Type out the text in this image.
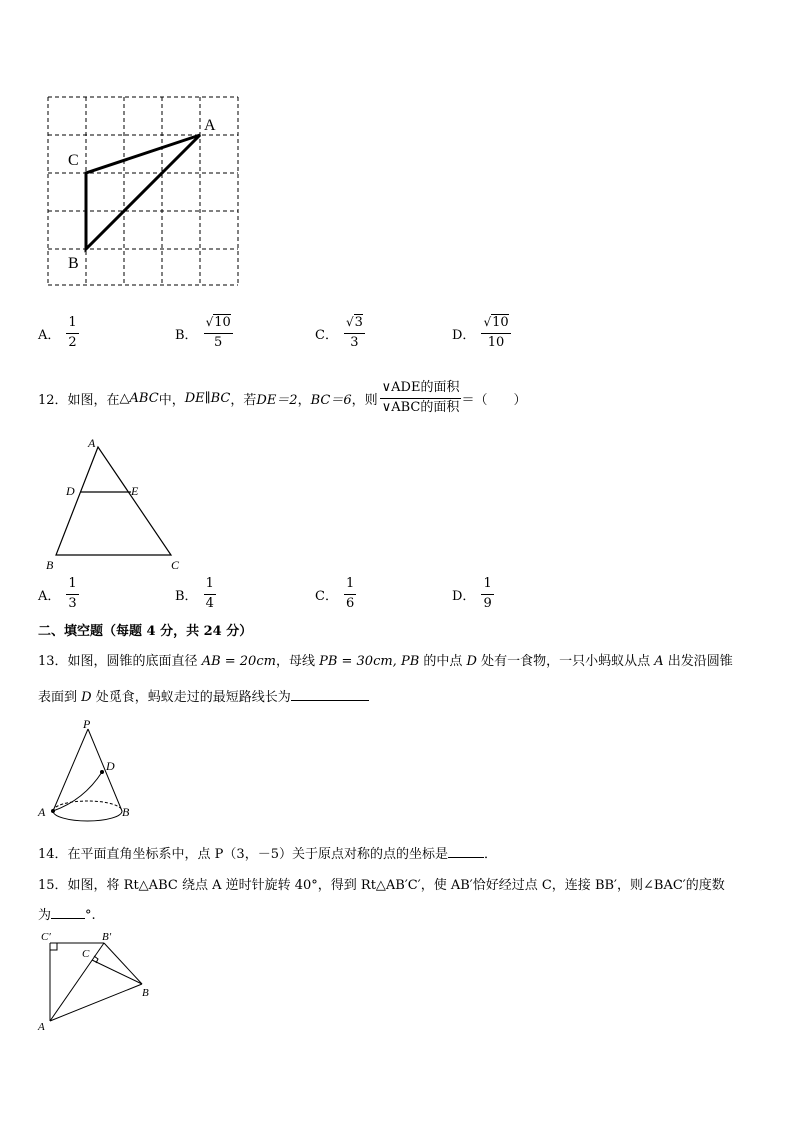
A
C
B
A． $\frac{1}{2}$	B． $\frac{√10}{5}$	C． $\frac{√3}{3}$	D． $\frac{√10}{10}$
12．如图，在 △ABC 中， DE∥BC ，若 DE＝2 ， BC＝6 ，则 $\frac{\text{∨ADE的面积}}{\text{∨ABC的面积}}$ ＝（　　）
A
D	E
B	C
A． $\frac{1}{3}$	B． $\frac{1}{4}$	C． $\frac{1}{6}$	D． $\frac{1}{9}$
二、填空题（每题 4 分，共 24 分）
13．如图，圆锥的底面直径 AB = 20cm，母线 PB = 30cm, PB 的中点 D 处有一食物，一只小蚂蚁从点 A 出发沿圆锥
表面到 D 处觅食，蚂蚁走过的最短路线长为
P
D
A	B
14．在平面直角坐标系中，点 P（3，－5）关于原点对称的点的坐标是	．
15．如图，将 Rt△ABC 绕点 A 逆时针旋转 40°，得到 Rt△AB′C′，使 AB′恰好经过点 C，连接 BB′，则∠BAC′的度数
为	°.
C′	B′
C
B
A
